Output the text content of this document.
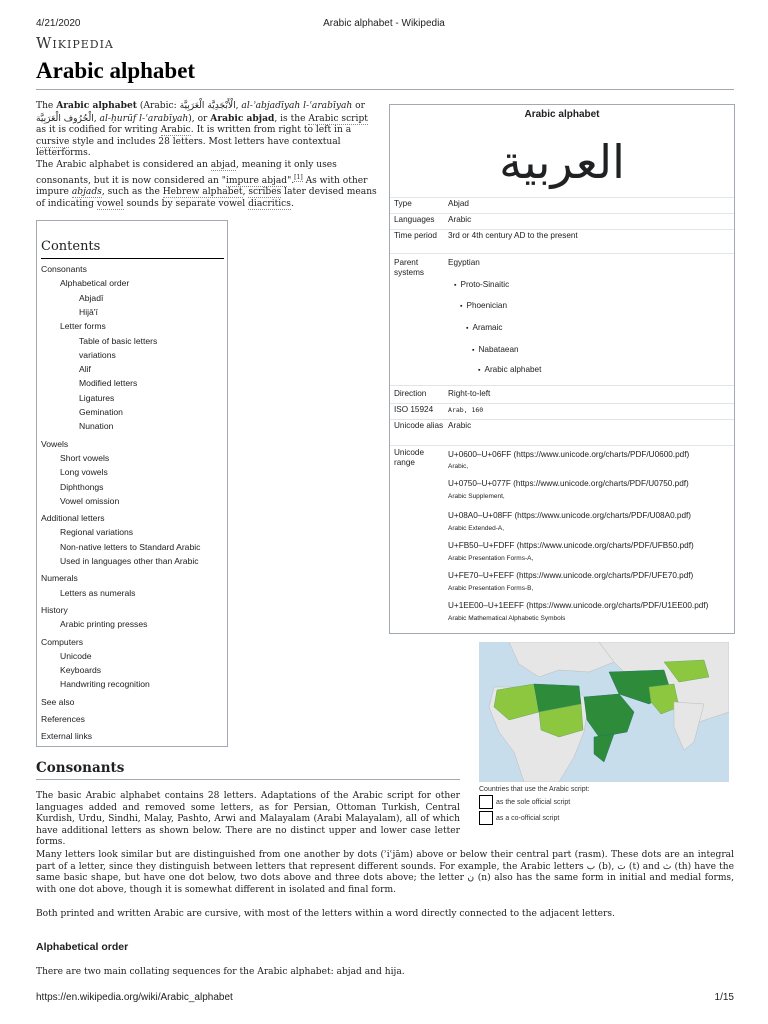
4/21/2020	Arabic alphabet - Wikipedia
Wikipedia
Arabic alphabet

The Arabic alphabet (Arabic: الْأَبْجَدِيَّة الْعَرَبِيَّة, al-ʾabjadīyah l-ʿarabīyah or الْحُرُوف الْعَرَبِيَّة, al-ḥurūf l-ʿarabīyah), or Arabic abjad, is the Arabic script as it is codified for writing Arabic. It is written from right to left in a cursive style and includes 28 letters. Most letters have contextual letterforms.

The Arabic alphabet is considered an abjad, meaning it only uses consonants, but it is now considered an "impure abjad".[1] As with other impure abjads, such as the Hebrew alphabet, scribes later devised means of indicating vowel sounds by separate vowel diacritics.

Arabic alphabet
العربية
Type	Abjad
Languages	Arabic
Time period	3rd or 4th century AD to the present
Parent systems
Egyptian
▪ Proto-Sinaitic
▪ Phoenician
▪ Aramaic
▪ Nabataean
▪ Arabic alphabet
Direction	Right-to-left
ISO 15924	Arab, 160
Unicode alias Arabic
Unicode range
U+0600–U+06FF (https://www.unicode.org/charts/PDF/U0600.pdf)
Arabic,
U+0750–U+077F (https://www.unicode.org/charts/PDF/U0750.pdf)
Arabic Supplement,
U+08A0–U+08FF (https://www.unicode.org/charts/PDF/U08A0.pdf)
Arabic Extended-A,
U+FB50–U+FDFF (https://www.unicode.org/charts/PDF/UFB50.pdf)
Arabic Presentation Forms-A,
U+FE70–U+FEFF (https://www.unicode.org/charts/PDF/UFE70.pdf)
Arabic Presentation Forms-B,
U+1EE00–U+1EEFF (https://www.unicode.org/charts/PDF/U1EE00.pdf)
Arabic Mathematical Alphabetic Symbols
Contents
Consonants
Alphabetical order
Abjadī
Hijā'ī
Letter forms
Table of basic letters
variations
Alif
Modified letters
Ligatures
Gemination
Nunation
Vowels
Short vowels
Long vowels
Diphthongs
Vowel omission
Additional letters
Regional variations
Non-native letters to Standard Arabic
Used in languages other than Arabic
Numerals
Letters as numerals
History
Arabic printing presses
Computers
Unicode
Keyboards
Handwriting recognition
See also
References
External links
Countries that use the Arabic script:
as the sole official script
as a co-official script
Consonants

The basic Arabic alphabet contains 28 letters. Adaptations of the Arabic script for other languages added and removed some letters, as for Persian, Ottoman Turkish, Central Kurdish, Urdu, Sindhi, Malay, Pashto, Arwi and Malayalam (Arabi Malayalam), all of which have additional letters as shown below. There are no distinct upper and lower case letter forms.

Many letters look similar but are distinguished from one another by dots (ʾiʿjām) above or below their central part (rasm). These dots are an integral part of a letter, since they distinguish between letters that represent different sounds. For example, the Arabic letters ب (b), ت (t) and ث (th) have the same basic shape, but have one dot below, two dots above and three dots above; the letter ن (n) also has the same form in initial and medial forms, with one dot above, though it is somewhat different in isolated and final form.

Both printed and written Arabic are cursive, with most of the letters within a word directly connected to the adjacent letters.

Alphabetical order

There are two main collating sequences for the Arabic alphabet: abjad and hija.

https://en.wikipedia.org/wiki/Arabic_alphabet	1/15
